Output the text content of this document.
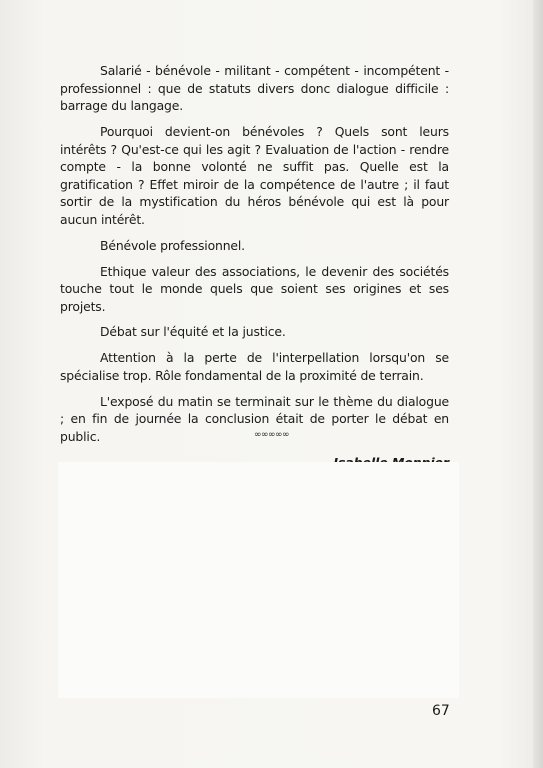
Salarié - bénévole - militant - compétent - incompétent - professionnel : que de statuts divers donc dialogue difficile : barrage du langage.

Pourquoi devient-on bénévoles ? Quels sont leurs intérêts ? Qu'est-ce qui les agit ? Evaluation de l'action - rendre compte - la bonne volonté ne suffit pas. Quelle est la gratification ? Effet miroir de la compétence de l'autre ; il faut sortir de la mystification du héros bénévole qui est là pour aucun intérêt.

Bénévole professionnel.

Ethique valeur des associations, le devenir des sociétés touche tout le monde quels que soient ses origines et ses projets.

Débat sur l'équité et la justice.

Attention à la perte de l'interpellation lorsqu'on se spécialise trop. Rôle fondamental de la proximité de terrain.

L'exposé du matin se terminait sur le thème du dialogue ; en fin de journée la conclusion était de porter le débat en public.	∞∞∞∞∞
67
